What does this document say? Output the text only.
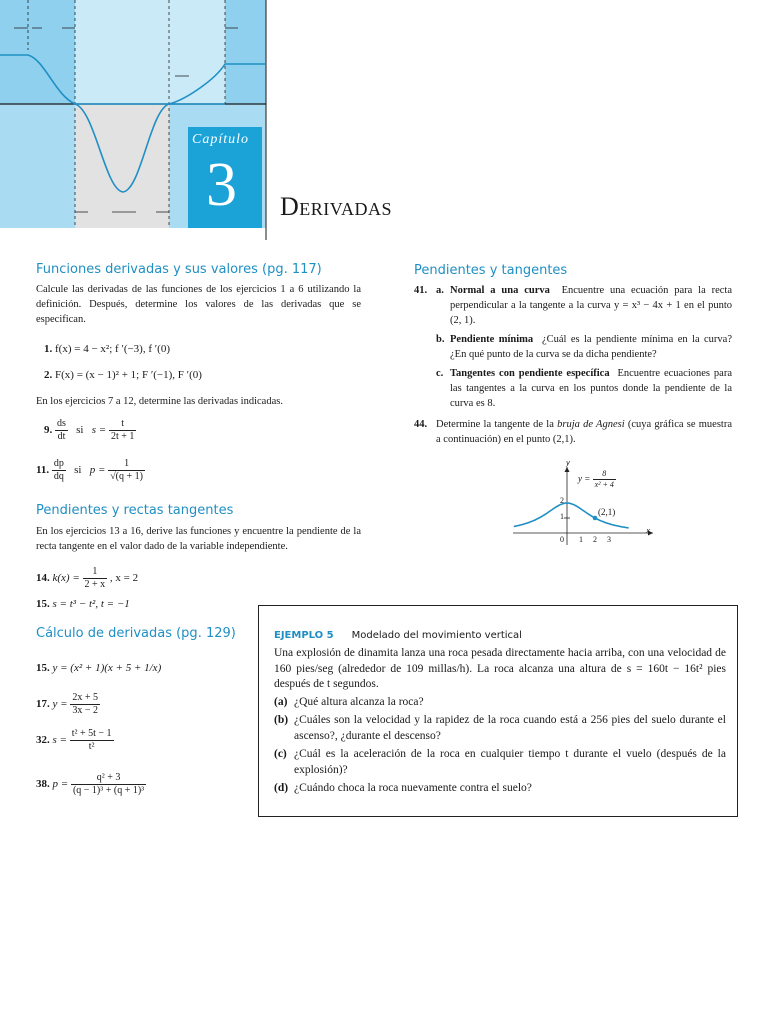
Capítulo
3 Derivadas
Funciones derivadas y sus valores (pg. 117)
Calcule las derivadas de las funciones de los ejercicios 1 a 6 utilizando la definición. Después, determine los valores de las derivadas que se especifican.
1. f(x) = 4 − x²; f ′(−3), f ′(0)
2. F(x) = (x − 1)² + 1; F ′(−1), F ′(0)
En los ejercicios 7 a 12, determine las derivadas indicadas.
9. $\frac{ds}{dt}$ si $s = \frac{t}{2t + 1}$
11. $\frac{dp}{dq}$ si $p = \frac{1}{√(q + 1)}$
Pendientes y rectas tangentes
En los ejercicios 13 a 16, derive las funciones y encuentre la pendiente de la recta tangente en el valor dado de la variable independiente.
14. $k(x) = \frac{1}{2 + x}$ , x = 2
15. s = t³ − t², t = −1
Cálculo de derivadas (pg. 129)
15. y = (x² + 1)(x + 5 + 1/x)
17. $y = \frac{2x + 5}{3x - 2}$
32. $s = \frac{\text{t² + 5t − 1}}{\text{t²}}$
38. $p = \frac{\text{q² + 3}}{\text{(q − 1)³ + (q + 1)³}}$
Pendientes y tangentes
41. a. Normal a una curva Encuentre una ecuación para la recta perpendicular a la tangente a la curva y = x³ − 4x + 1 en el punto (2, 1).
b. Pendiente mínima ¿Cuál es la pendiente mínima en la curva? ¿En qué punto de la curva se da dicha pendiente?
c. Tangentes con pendiente específica Encuentre ecuaciones para las tangentes a la curva en los puntos donde la pendiente de la curva es 8.
44. Determine la tangente de la bruja de Agnesi (cuya gráfica se muestra a continuación) en el punto (2,1).
y
x
$y = \frac{8}{\text{x² + 4}}$
(2,1)
2
1
0 1 2 3
EJEMPLO 5 Modelado del movimiento vertical
Una explosión de dinamita lanza una roca pesada directamente hacia arriba, con una velocidad de 160 pies/seg (alrededor de 109 millas/h). La roca alcanza una altura de s = 160t − 16t² pies después de t segundos.
(a) ¿Qué altura alcanza la roca?
(b) ¿Cuáles son la velocidad y la rapidez de la roca cuando está a 256 pies del suelo durante el ascenso?, ¿durante el descenso?
(c) ¿Cuál es la aceleración de la roca en cualquier tiempo t durante el vuelo (después de la explosión)?
(d) ¿Cuándo choca la roca nuevamente contra el suelo?
